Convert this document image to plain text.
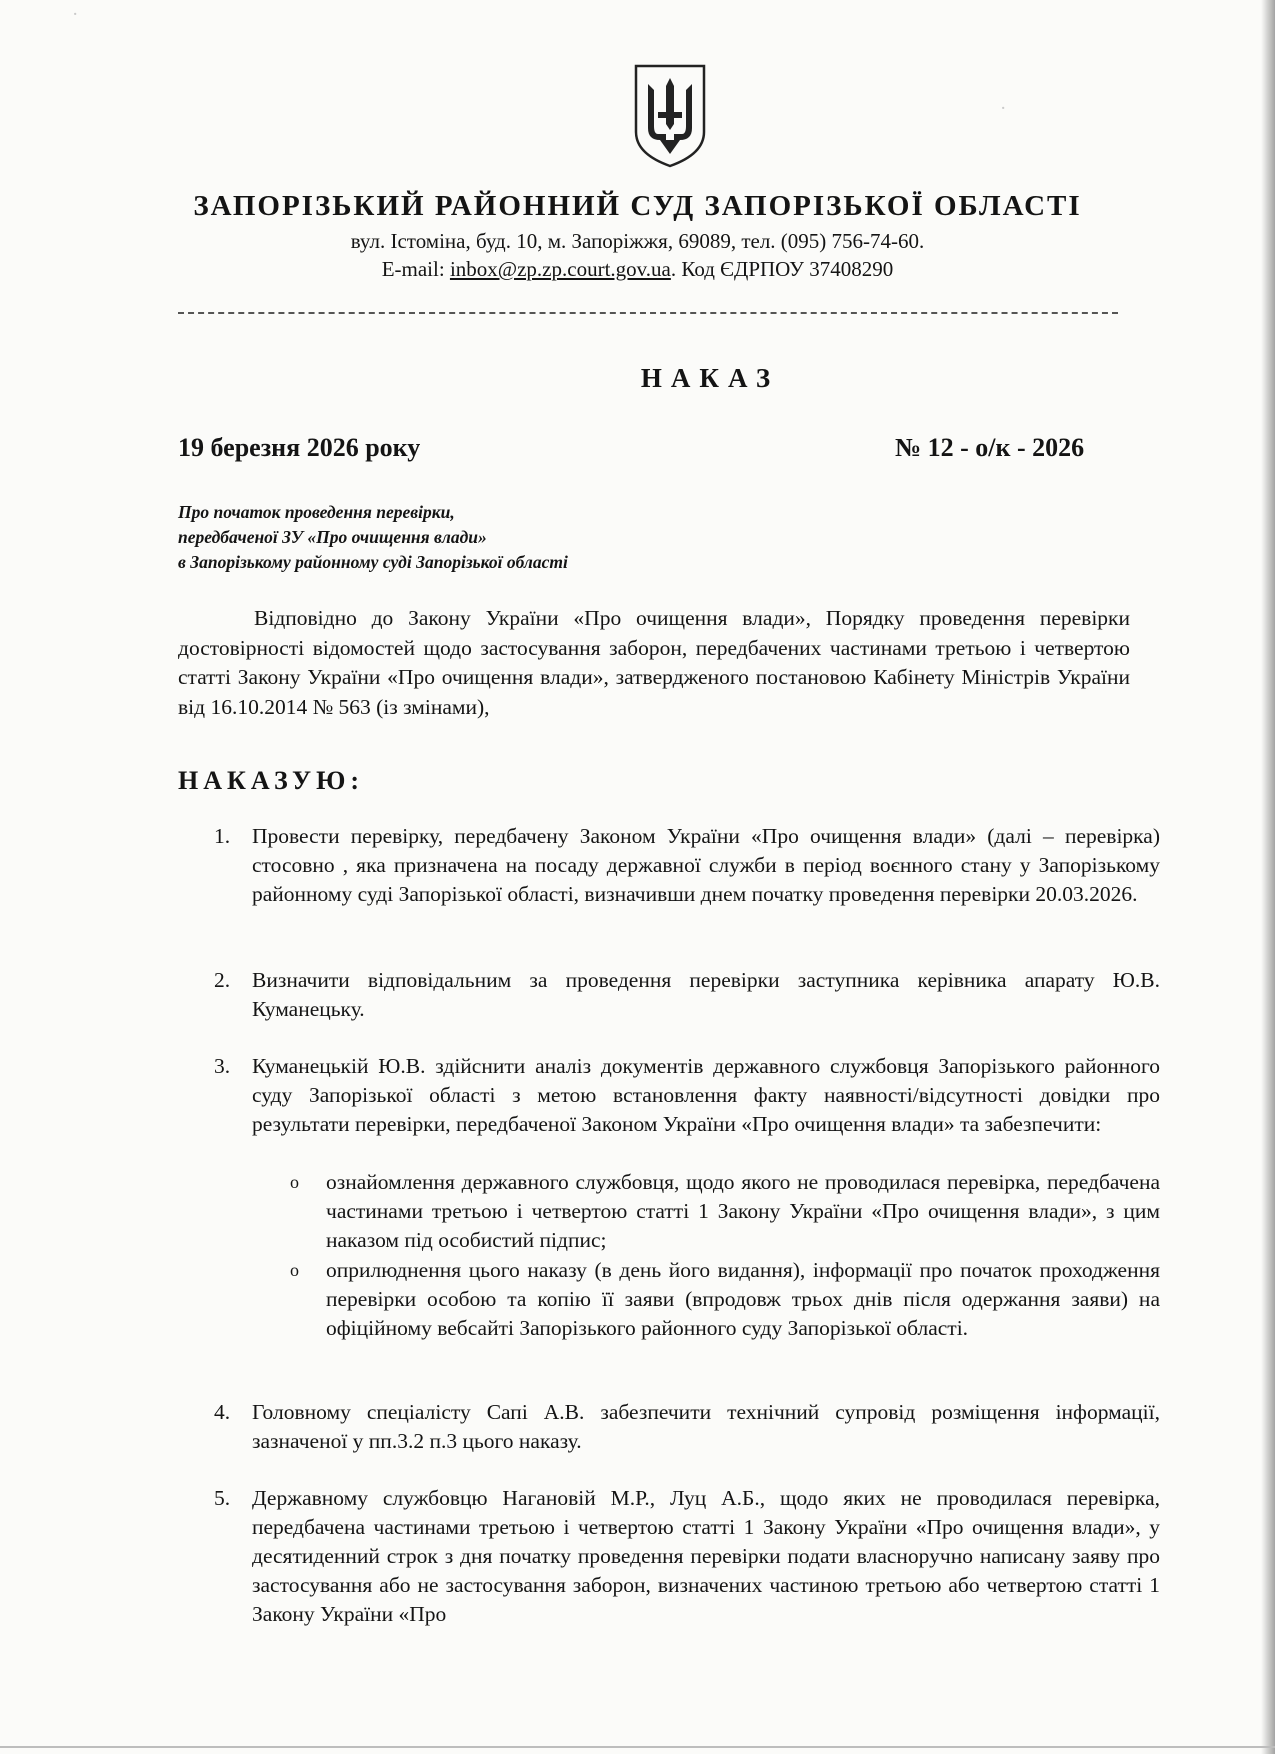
·
·
ЗАПОРІЗЬКИЙ РАЙОННИЙ СУД ЗАПОРІЗЬКОЇ ОБЛАСТІ
вул. Істоміна, буд. 10, м. Запоріжжя, 69089, тел. (095) 756-74-60.
E-mail: inbox@zp.zp.court.gov.ua. Код ЄДРПОУ 37408290
НАКАЗ
19 березня 2026 року	№ 12 - о/к - 2026
Про початок проведення перевірки,
передбаченої ЗУ «Про очищення влади»
в Запорізькому районному суді Запорізької області
Відповідно до Закону України «Про очищення влади», Порядку проведення перевірки достовірності відомостей щодо застосування заборон, передбачених частинами третьою і четвертою статті Закону України «Про очищення влади», затвердженого постановою Кабінету Міністрів України від 16.10.2014 № 563 (із змінами),
НАКАЗУЮ:
1. Провести перевірку, передбачену Законом України «Про очищення влади» (далі – перевірка) стосовно , яка призначена на посаду державної служби в період воєнного стану у Запорізькому районному суді Запорізької області, визначивши днем початку проведення перевірки 20.03.2026.
2. Визначити відповідальним за проведення перевірки заступника керівника апарату Ю.В. Куманецьку.
3. Куманецькій Ю.В. здійснити аналіз документів державного службовця Запорізького районного суду Запорізької області з метою встановлення факту наявності/відсутності довідки про результати перевірки, передбаченої Законом України «Про очищення влади» та забезпечити:
o ознайомлення державного службовця, щодо якого не проводилася перевірка, передбачена частинами третьою і четвертою статті 1 Закону України «Про очищення влади», з цим наказом під особистий підпис;
o оприлюднення цього наказу (в день його видання), інформації про початок проходження перевірки особою та копію її заяви (впродовж трьох днів після одержання заяви) на офіційному вебсайті Запорізького районного суду Запорізької області.
4. Головному спеціалісту Сапі А.В. забезпечити технічний супровід розміщення інформації, зазначеної у пп.3.2 п.3 цього наказу.
5. Державному службовцю Нагановій М.Р., Луц А.Б., щодо яких не проводилася перевірка, передбачена частинами третьою і четвертою статті 1 Закону України «Про очищення влади», у десятиденний строк з дня початку проведення перевірки подати власноручно написану заяву про застосування або не застосування заборон, визначених частиною третьою або четвертою статті 1 Закону України «Про
